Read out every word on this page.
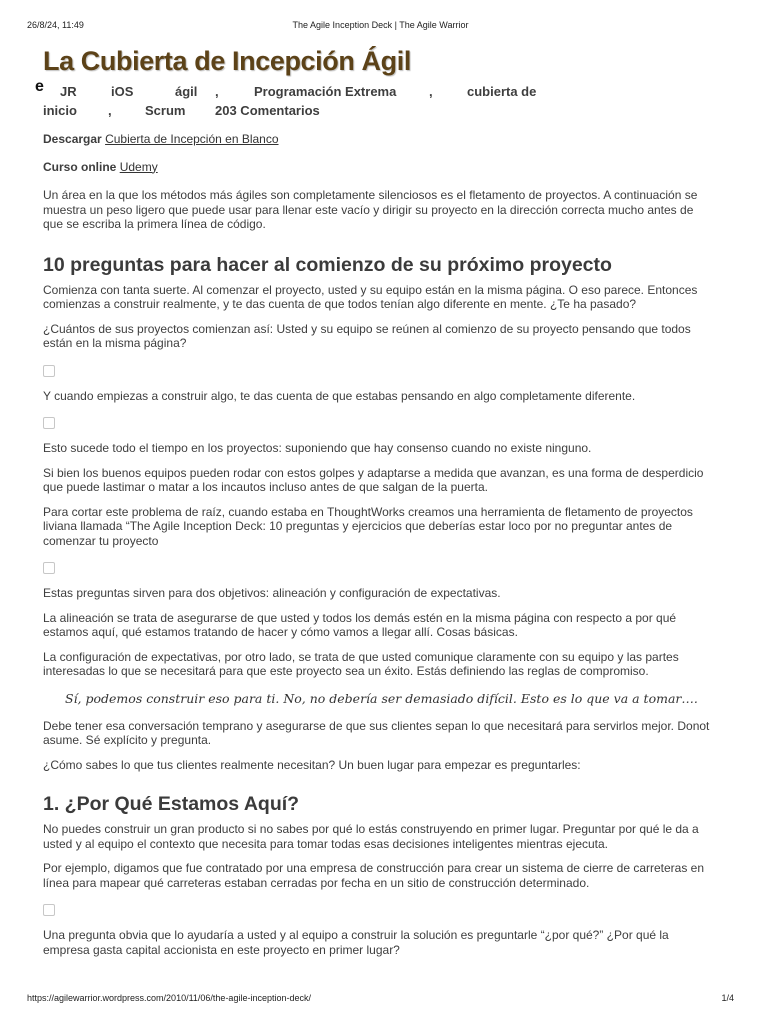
26/8/24, 11:49	The Agile Inception Deck | The Agile Warrior
La Cubierta de Incepción Ágil
e JR	iOS	ágil ,	Programación Extrema	,	cubierta de
inicio ,	Scrum 203 Comentarios

Descargar Cubierta de Incepción en Blanco

Curso online Udemy

Un área en la que los métodos más ágiles son completamente silenciosos es el fletamento de proyectos. A continuación se muestra un peso ligero que puede usar para llenar este vacío y dirigir su proyecto en la dirección correcta mucho antes de que se escriba la primera línea de código.

10 preguntas para hacer al comienzo de su próximo proyecto

Comienza con tanta suerte. Al comenzar el proyecto, usted y su equipo están en la misma página. O eso parece. Entonces comienzas a construir realmente, y te das cuenta de que todos tenían algo diferente en mente. ¿Te ha pasado?

¿Cuántos de sus proyectos comienzan así: Usted y su equipo se reúnen al comienzo de su proyecto pensando que todos están en la misma página?

Y cuando empiezas a construir algo, te das cuenta de que estabas pensando en algo completamente diferente.

Esto sucede todo el tiempo en los proyectos: suponiendo que hay consenso cuando no existe ninguno.

Si bien los buenos equipos pueden rodar con estos golpes y adaptarse a medida que avanzan, es una forma de desperdicio que puede lastimar o matar a los incautos incluso antes de que salgan de la puerta.

Para cortar este problema de raíz, cuando estaba en ThoughtWorks creamos una herramienta de fletamento de proyectos liviana llamada “The Agile Inception Deck: 10 preguntas y ejercicios que deberías estar loco por no preguntar antes de comenzar tu proyecto

Estas preguntas sirven para dos objetivos: alineación y configuración de expectativas.

La alineación se trata de asegurarse de que usted y todos los demás estén en la misma página con respecto a por qué estamos aquí, qué estamos tratando de hacer y cómo vamos a llegar allí. Cosas básicas.

La configuración de expectativas, por otro lado, se trata de que usted comunique claramente con su equipo y las partes interesadas lo que se necesitará para que este proyecto sea un éxito. Estás definiendo las reglas de compromiso.

Sí, podemos construir eso para ti. No, no debería ser demasiado difícil. Esto es lo que va a tomar….

Debe tener esa conversación temprano y asegurarse de que sus clientes sepan lo que necesitará para servirlos mejor. Donot asume. Sé explícito y pregunta.

¿Cómo sabes lo que tus clientes realmente necesitan? Un buen lugar para empezar es preguntarles:

1. ¿Por Qué Estamos Aquí?

No puedes construir un gran producto si no sabes por qué lo estás construyendo en primer lugar. Preguntar por qué le da a usted y al equipo el contexto que necesita para tomar todas esas decisiones inteligentes mientras ejecuta.

Por ejemplo, digamos que fue contratado por una empresa de construcción para crear un sistema de cierre de carreteras en línea para mapear qué carreteras estaban cerradas por fecha en un sitio de construcción determinado.

Una pregunta obvia que lo ayudaría a usted y al equipo a construir la solución es preguntarle “¿por qué?” ¿Por qué la empresa gasta capital accionista en este proyecto en primer lugar?

https://agilewarrior.wordpress.com/2010/11/06/the-agile-inception-deck/	1/4
